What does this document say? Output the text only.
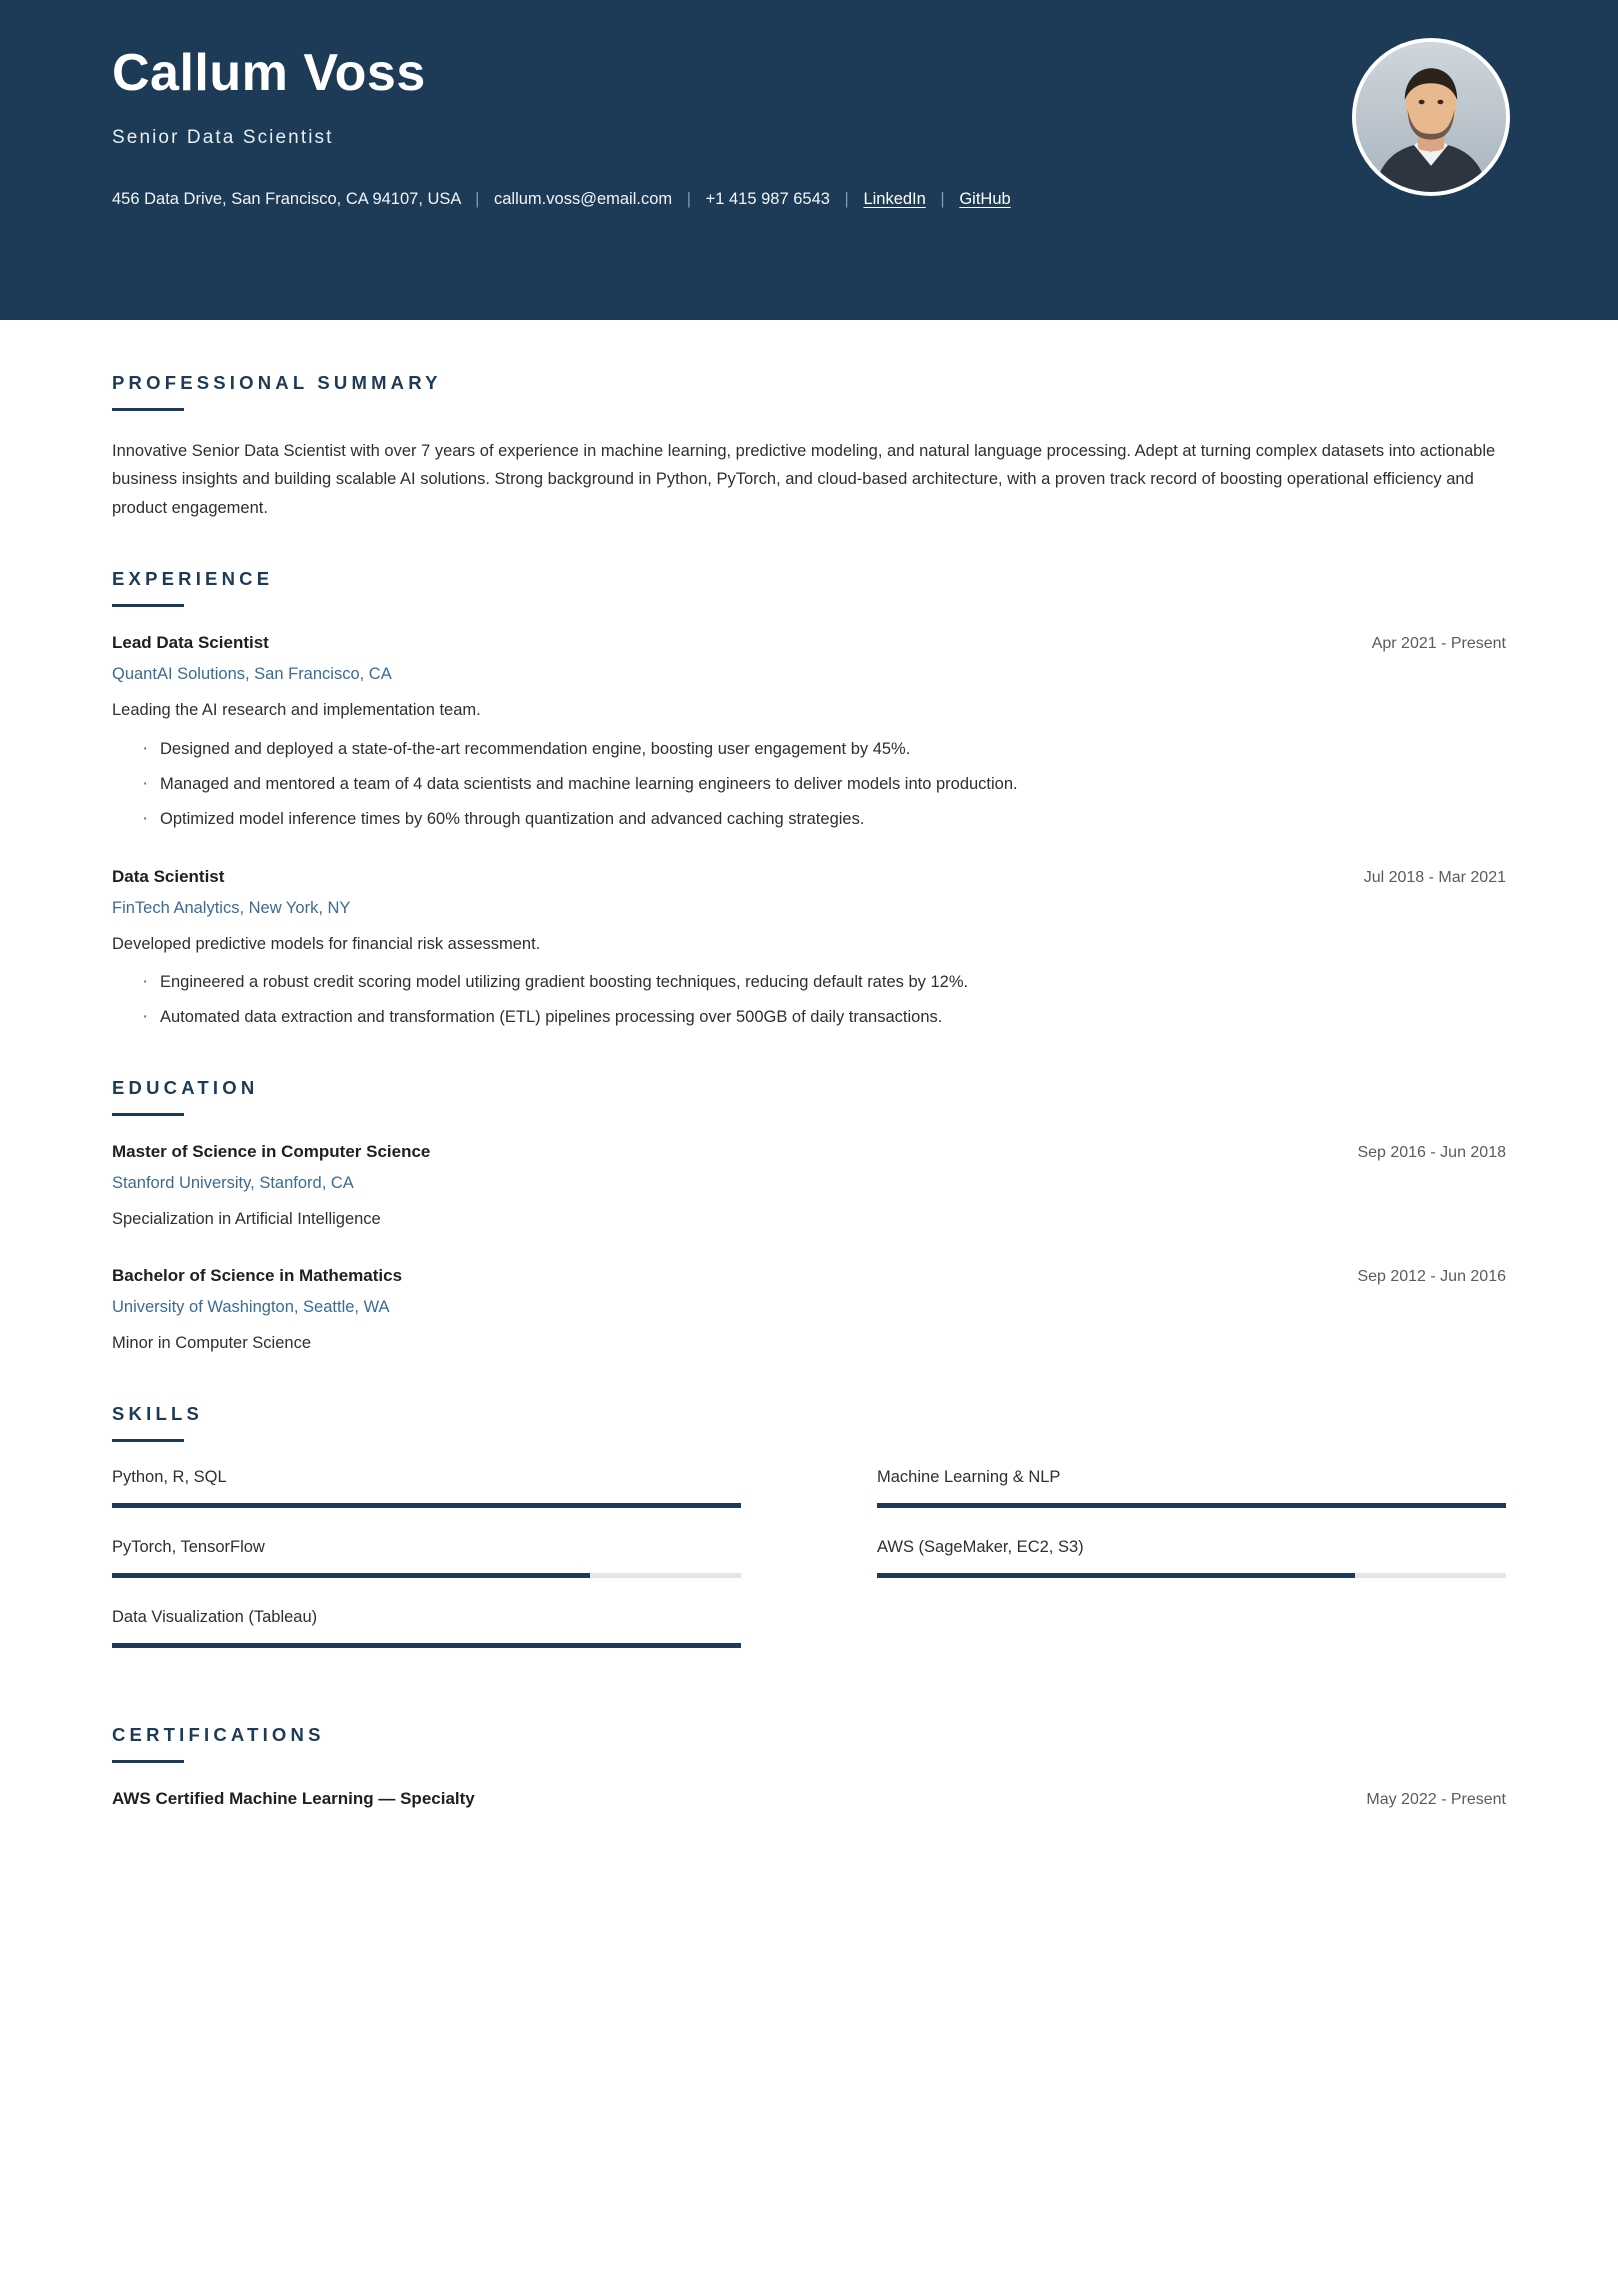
Callum Voss
Senior Data Scientist
456 Data Drive, San Francisco, CA 94107, USA | callum.voss@email.com | +1 415 987 6543 | LinkedIn | GitHub
PROFESSIONAL SUMMARY
Innovative Senior Data Scientist with over 7 years of experience in machine learning, predictive modeling, and natural language processing. Adept at turning complex datasets into actionable business insights and building scalable AI solutions. Strong background in Python, PyTorch, and cloud-based architecture, with a proven track record of boosting operational efficiency and product engagement.
EXPERIENCE
Lead Data Scientist	Apr 2021 - Present
QuantAI Solutions, San Francisco, CA
Leading the AI research and implementation team.
· Designed and deployed a state-of-the-art recommendation engine, boosting user engagement by 45%.
· Managed and mentored a team of 4 data scientists and machine learning engineers to deliver models into production.
· Optimized model inference times by 60% through quantization and advanced caching strategies.
Data Scientist	Jul 2018 - Mar 2021
FinTech Analytics, New York, NY
Developed predictive models for financial risk assessment.
· Engineered a robust credit scoring model utilizing gradient boosting techniques, reducing default rates by 12%.
· Automated data extraction and transformation (ETL) pipelines processing over 500GB of daily transactions.
EDUCATION
Master of Science in Computer Science	Sep 2016 - Jun 2018
Stanford University, Stanford, CA
Specialization in Artificial Intelligence
Bachelor of Science in Mathematics	Sep 2012 - Jun 2016
University of Washington, Seattle, WA
Minor in Computer Science
SKILLS
Python, R, SQL	Machine Learning & NLP
PyTorch, TensorFlow	AWS (SageMaker, EC2, S3)
Data Visualization (Tableau)
CERTIFICATIONS
AWS Certified Machine Learning — Specialty	May 2022 - Present
